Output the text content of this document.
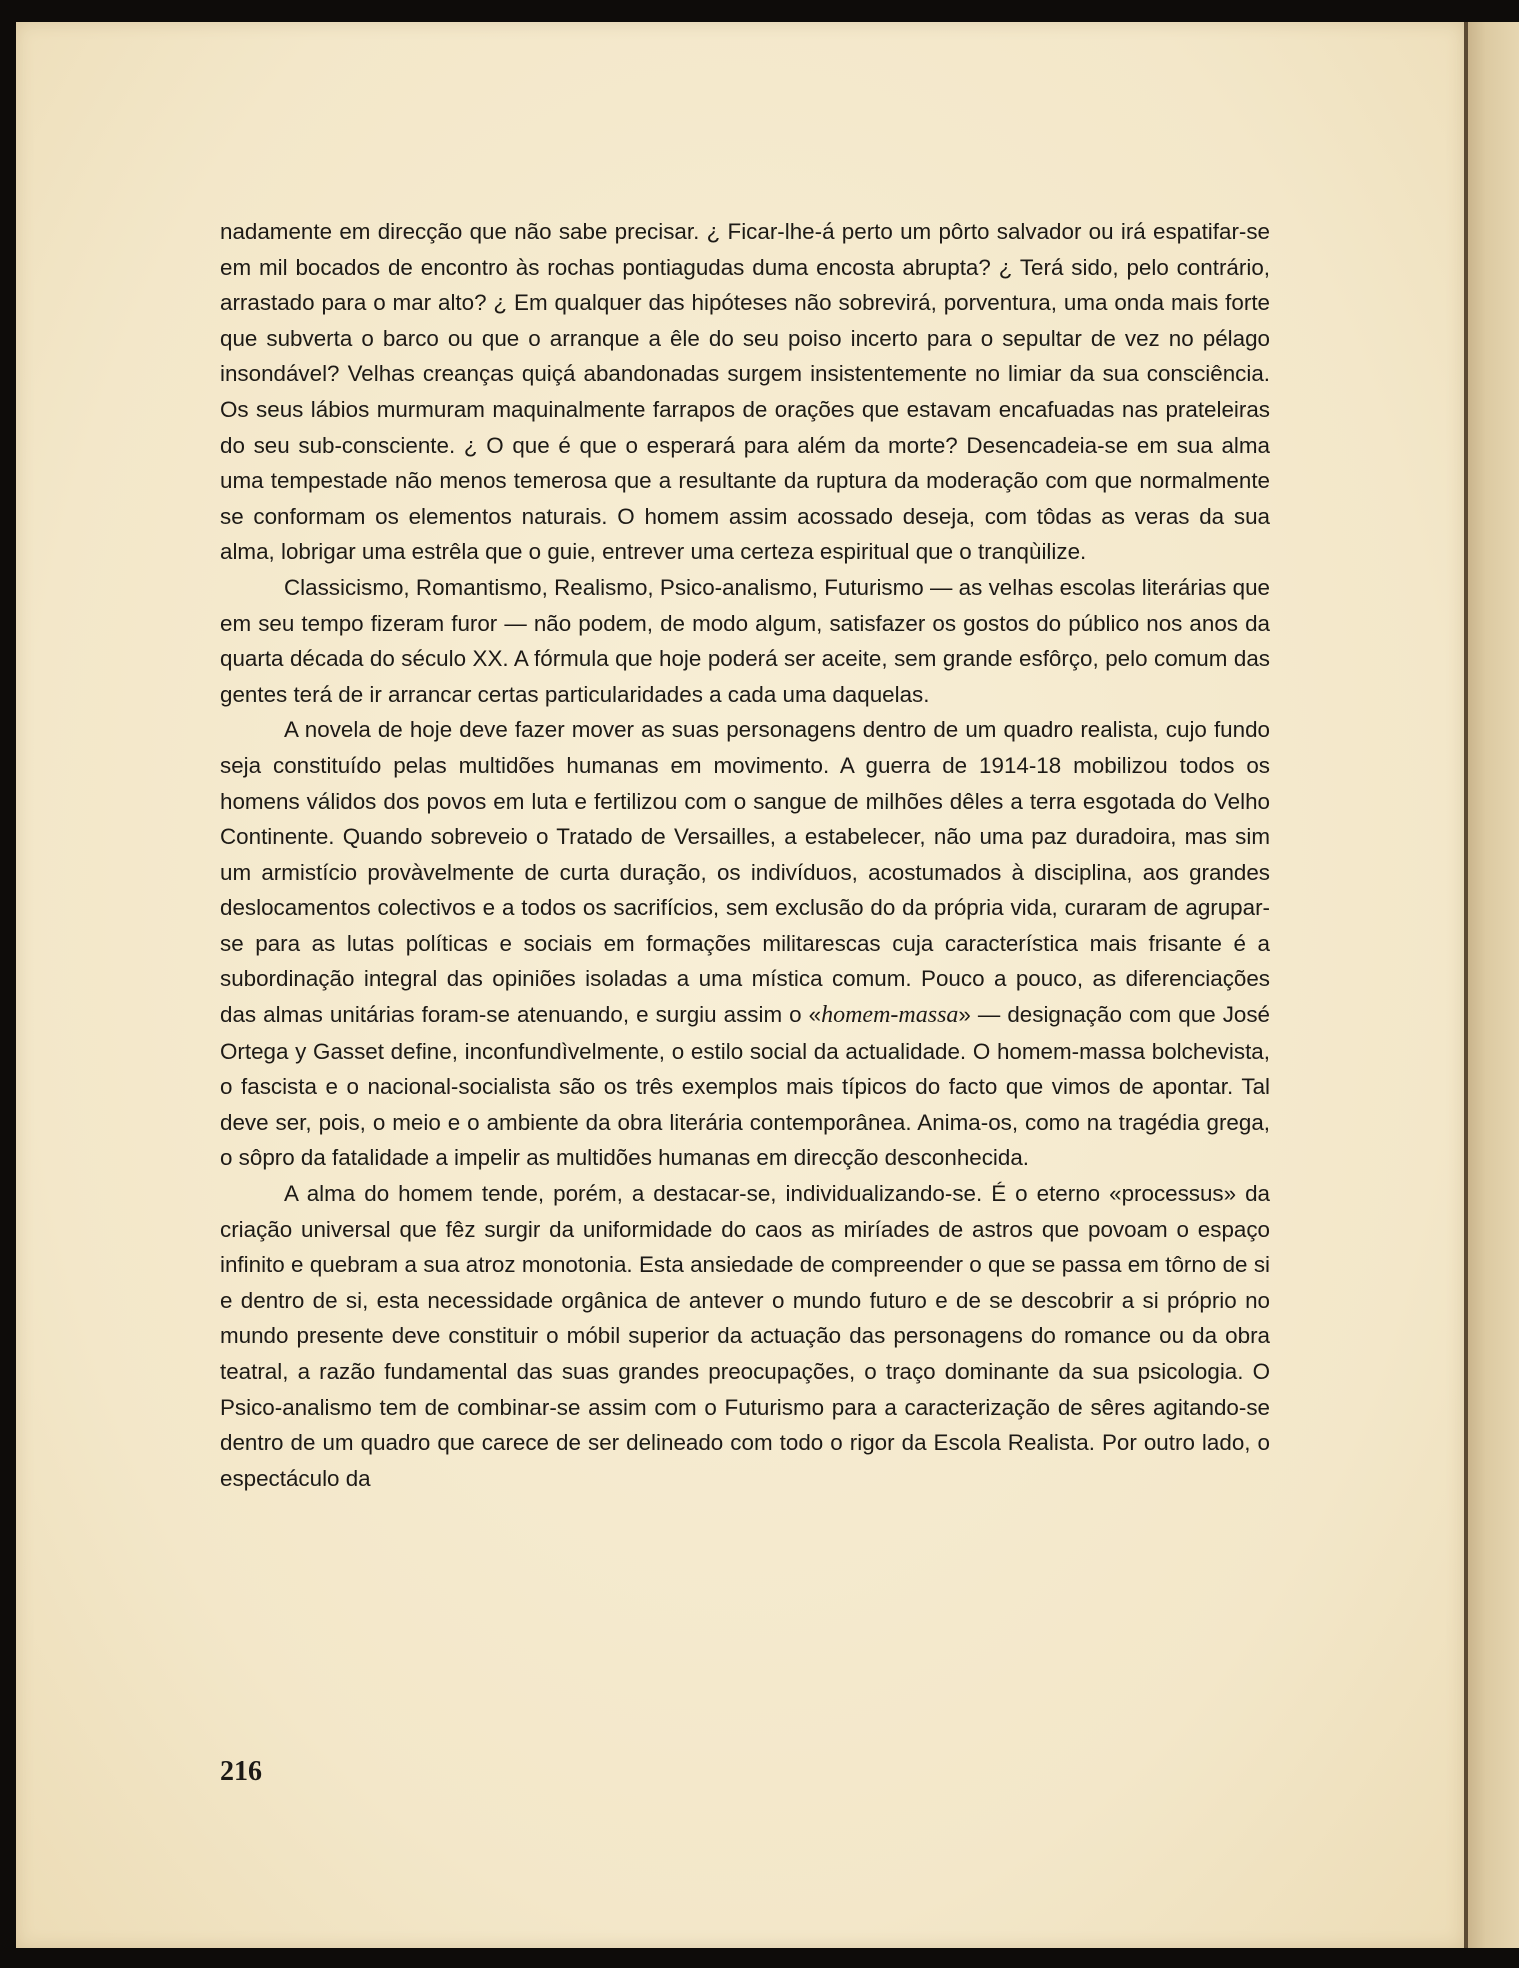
nadamente em direcção que não sabe precisar. ¿ Ficar-lhe-á perto um pôrto salvador ou irá espatifar-se em mil bocados de encontro às rochas pontiagudas duma encosta abrupta? ¿ Terá sido, pelo contrário, arrastado para o mar alto? ¿ Em qualquer das hipóteses não sobrevirá, porventura, uma onda mais forte que subverta o barco ou que o arranque a êle do seu poiso incerto para o sepultar de vez no pélago insondável? Velhas creanças quiçá abandonadas surgem insistentemente no limiar da sua consciência. Os seus lábios murmuram maquinalmente farrapos de orações que estavam encafuadas nas prateleiras do seu sub-consciente. ¿ O que é que o esperará para além da morte? Desencadeia-se em sua alma uma tempestade não menos temerosa que a resultante da ruptura da moderação com que normalmente se conformam os elementos naturais. O homem assim acossado deseja, com tôdas as veras da sua alma, lobrigar uma estrêla que o guie, entrever uma certeza espiritual que o tranqùilize.

Classicismo, Romantismo, Realismo, Psico-analismo, Futurismo — as velhas escolas literárias que em seu tempo fizeram furor — não podem, de modo algum, satisfazer os gostos do público nos anos da quarta década do século XX. A fórmula que hoje poderá ser aceite, sem grande esfôrço, pelo comum das gentes terá de ir arrancar certas particularidades a cada uma daquelas.

A novela de hoje deve fazer mover as suas personagens dentro de um quadro realista, cujo fundo seja constituído pelas multidões humanas em movimento. A guerra de 1914-18 mobilizou todos os homens válidos dos povos em luta e fertilizou com o sangue de milhões dêles a terra esgotada do Velho Continente. Quando sobreveio o Tratado de Versailles, a estabelecer, não uma paz duradoira, mas sim um armistício provàvelmente de curta duração, os indivíduos, acostumados à disciplina, aos grandes deslocamentos colectivos e a todos os sacrifícios, sem exclusão do da própria vida, curaram de agrupar-se para as lutas políticas e sociais em formações militarescas cuja característica mais frisante é a subordinação integral das opiniões isoladas a uma mística comum. Pouco a pouco, as diferenciações das almas unitárias foram-se atenuando, e surgiu assim o «homem-massa» — designação com que José Ortega y Gasset define, inconfundìvelmente, o estilo social da actualidade. O homem-massa bolchevista, o fascista e o nacional-socialista são os três exemplos mais típicos do facto que vimos de apontar. Tal deve ser, pois, o meio e o ambiente da obra literária contemporânea. Anima-os, como na tragédia grega, o sôpro da fatalidade a impelir as multidões humanas em direcção desconhecida.

A alma do homem tende, porém, a destacar-se, individualizando-se. É o eterno «processus» da criação universal que fêz surgir da uniformidade do caos as miríades de astros que povoam o espaço infinito e quebram a sua atroz monotonia. Esta ansiedade de compreender o que se passa em tôrno de si e dentro de si, esta necessidade orgânica de antever o mundo futuro e de se descobrir a si próprio no mundo presente deve constituir o móbil superior da actuação das personagens do romance ou da obra teatral, a razão fundamental das suas grandes preocupações, o traço dominante da sua psicologia. O Psico-analismo tem de combinar-se assim com o Futurismo para a caracterização de sêres agitando-se dentro de um quadro que carece de ser delineado com todo o rigor da Escola Realista. Por outro lado, o espectáculo da

216
